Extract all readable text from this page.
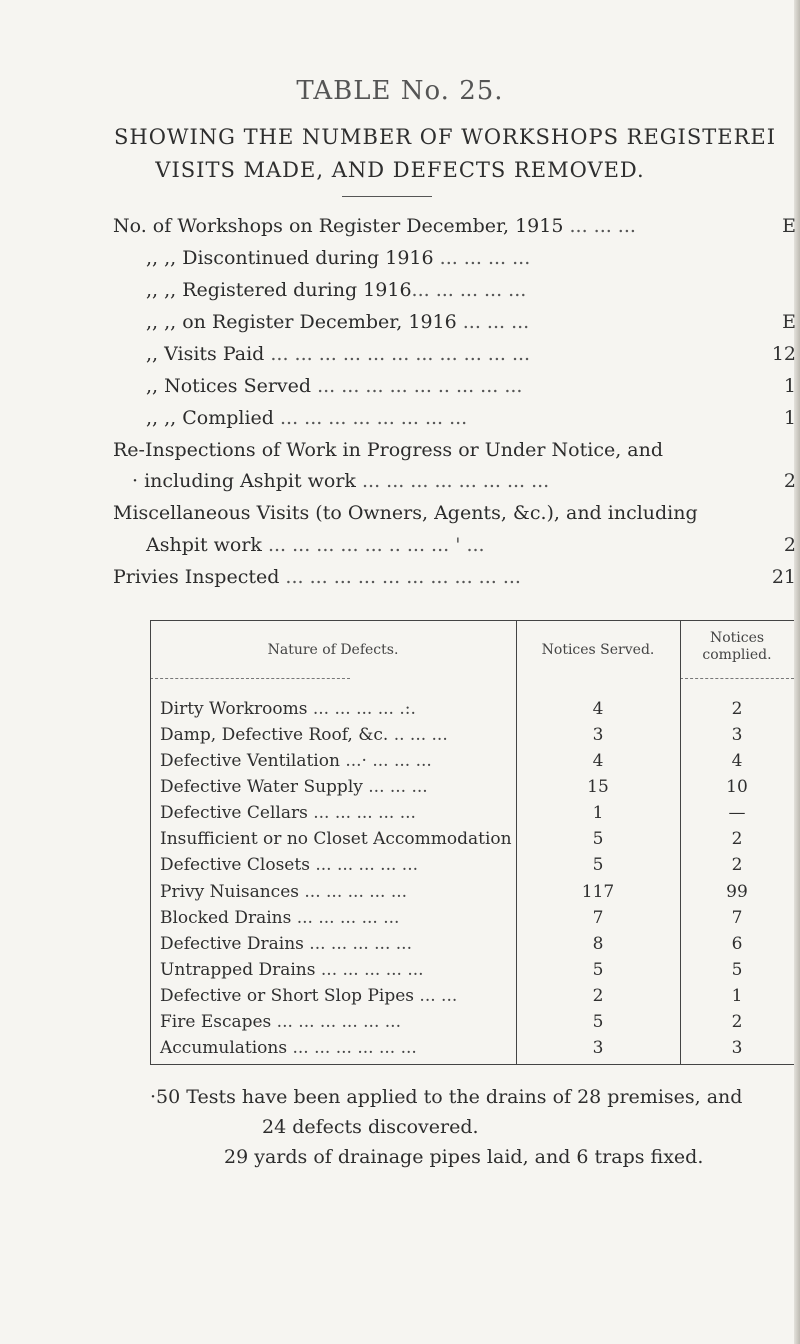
TABLE No. 25.
SHOWING THE NUMBER OF WORKSHOPS REGISTEREI
VISITS MADE, AND DEFECTS REMOVED.
No. of Workshops on Register December, 1915 ... ... ...	E
,, ,, Discontinued during 1916 ... ... ... ...
,, ,, Registered during 1916... ... ... ... ...
,, ,, on Register December, 1916 ... ... ...	E
,, Visits Paid ... ... ... ... ... ... ... ... ... ... ...	12
,, Notices Served ... ... ... ... ... .. ... ... ...	1
,, ,, Complied ... ... ... ... ... ... ... ...	1
Re-Inspections of Work in Progress or Under Notice, and
· including Ashpit work ... ... ... ... ... ... ... ...	2
Miscellaneous Visits (to Owners, Agents, &c.), and including
Ashpit work ... ... ... ... ... .. ... ... ' ...	2
Privies Inspected ... ... ... ... ... ... ... ... ... ...	21
Nature of Defects.	Notices Served.
Notices
complied.
Dirty Workrooms ... ... ... ... .:.	4	2
Damp, Defective Roof, &c. .. ... ...	3	3
Defective Ventilation ...· ... ... ...	4	4
Defective Water Supply ... ... ...	15	10
Defective Cellars ... ... ... ... ...	1	—
Insufficient or no Closet Accommodation	5	2
Defective Closets ... ... ... ... ...	5	2
Privy Nuisances ... ... ... ... ...	117	99
Blocked Drains ... ... ... ... ...	7	7
Defective Drains ... ... ... ... ...	8	6
Untrapped Drains ... ... ... ... ...	5	5
Defective or Short Slop Pipes ... ...	2	1
Fire Escapes ... ... ... ... ... ...	5	2
Accumulations ... ... ... ... ... ...	3	3
·50 Tests have been applied to the drains of 28 premises, and
24 defects discovered.
29 yards of drainage pipes laid, and 6 traps fixed.
